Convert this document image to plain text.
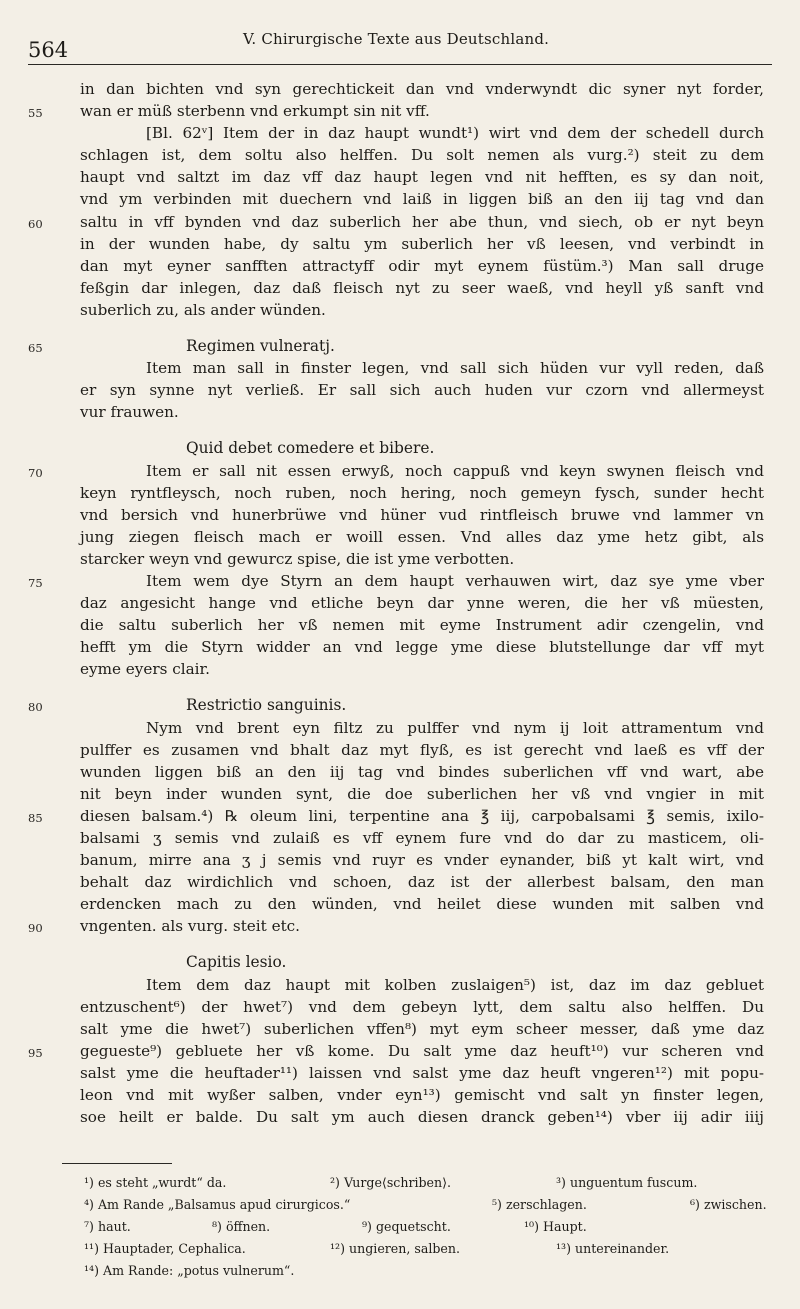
564	V. Chirurgische Texte aus Deutschland.
in dan bichten vnd syn gerechtickeit dan vnd vnderwyndt dic syner nyt forder,
55 wan er müß sterbenn vnd erkumpt sin nit vff.
[Bl. 62ᵛ] Item der in daz haupt wundt¹) wirt vnd dem der schedell durch
schlagen ist, dem soltu also helffen. Du solt nemen als vurg.²) steit zu dem
haupt vnd saltzt im daz vff daz haupt legen vnd nit hefften, es sy dan noit,
vnd ym verbinden mit duechern vnd laiß in liggen biß an den iij tag vnd dan
60 saltu in vff bynden vnd daz suberlich her abe thun, vnd siech, ob er nyt beyn
in der wunden habe, dy saltu ym suberlich her vß leesen, vnd verbindt in
dan myt eyner sanfften attractyff odir myt eynem füstüm.³) Man sall druge
feßgin dar inlegen, daz daß fleisch nyt zu seer waeß, vnd heyll yß sanft vnd
suberlich zu, als ander wünden.
65	Regimen vulneratj.
Item man sall in finster legen, vnd sall sich hüden vur vyll reden, daß
er syn synne nyt verließ. Er sall sich auch huden vur czorn vnd allermeyst
vur frauwen.
Quid debet comedere et bibere.
70	Item er sall nit essen erwyß, noch cappuß vnd keyn swynen fleisch vnd
keyn ryntfleysch, noch ruben, noch hering, noch gemeyn fysch, sunder hecht
vnd bersich vnd hunerbrüwe vnd hüner vud rintfleisch bruwe vnd lammer vn
jung ziegen fleisch mach er woill essen. Vnd alles daz yme hetz gibt, als
starcker weyn vnd gewurcz spise, die ist yme verbotten.
75	Item wem dye Styrn an dem haupt verhauwen wirt, daz sye yme vber
daz angesicht hange vnd etliche beyn dar ynne weren, die her vß müesten,
die saltu suberlich her vß nemen mit eyme Instrument adir czengelin, vnd
hefft ym die Styrn widder an vnd legge yme diese blutstellunge dar vff myt
eyme eyers clair.
80	Restrictio sanguinis.
Nym vnd brent eyn filtz zu pulffer vnd nym ij loit attramentum vnd
pulffer es zusamen vnd bhalt daz myt flyß, es ist gerecht vnd laeß es vff der
wunden liggen biß an den iij tag vnd bindes suberlichen vff vnd wart, abe
nit beyn inder wunden synt, die doe suberlichen her vß vnd vngier in mit
85 diesen balsam.⁴) ℞ oleum lini, terpentine ana ℥ iij, carpobalsami ℥ semis, ixilo-
balsami ʒ semis vnd zulaiß es vff eynem fure vnd do dar zu masticem, oli-
banum, mirre ana ʒ j semis vnd ruyr es vnder eynander, biß yt kalt wirt, vnd
behalt daz wirdichlich vnd schoen, daz ist der allerbest balsam, den man
erdencken mach zu den wünden, vnd heilet diese wunden mit salben vnd
90 vngenten. als vurg. steit etc.
Capitis lesio.
Item dem daz haupt mit kolben zuslaigen⁵) ist, daz im daz gebluet
entzuschent⁶) der hwet⁷) vnd dem gebeyn lytt, dem saltu also helffen. Du
salt yme die hwet⁷) suberlichen vffen⁸) myt eym scheer messer, daß yme daz
95 gegueste⁹) gebluete her vß kome. Du salt yme daz heuft¹⁰) vur scheren vnd
salst yme die heuftader¹¹) laissen vnd salst yme daz heuft vngeren¹²) mit popu-
leon vnd mit wyßer salben, vnder eyn¹³) gemischt vnd salt yn finster legen,
soe heilt er balde. Du salt ym auch diesen dranck geben¹⁴) vber iij adir iiij
¹) es steht „wurdt“ da.	²) Vurge⟨schriben⟩.	³) unguentum fuscum.
⁴) Am Rande „Balsamus apud cirurgicos.“	⁵) zerschlagen.	⁶) zwischen.
⁷) haut.	⁸) öffnen.	⁹) gequetscht.	¹⁰) Haupt.
¹¹) Hauptader, Cephalica.	¹²) ungieren, salben.	¹³) untereinander.
¹⁴) Am Rande: „potus vulnerum“.
